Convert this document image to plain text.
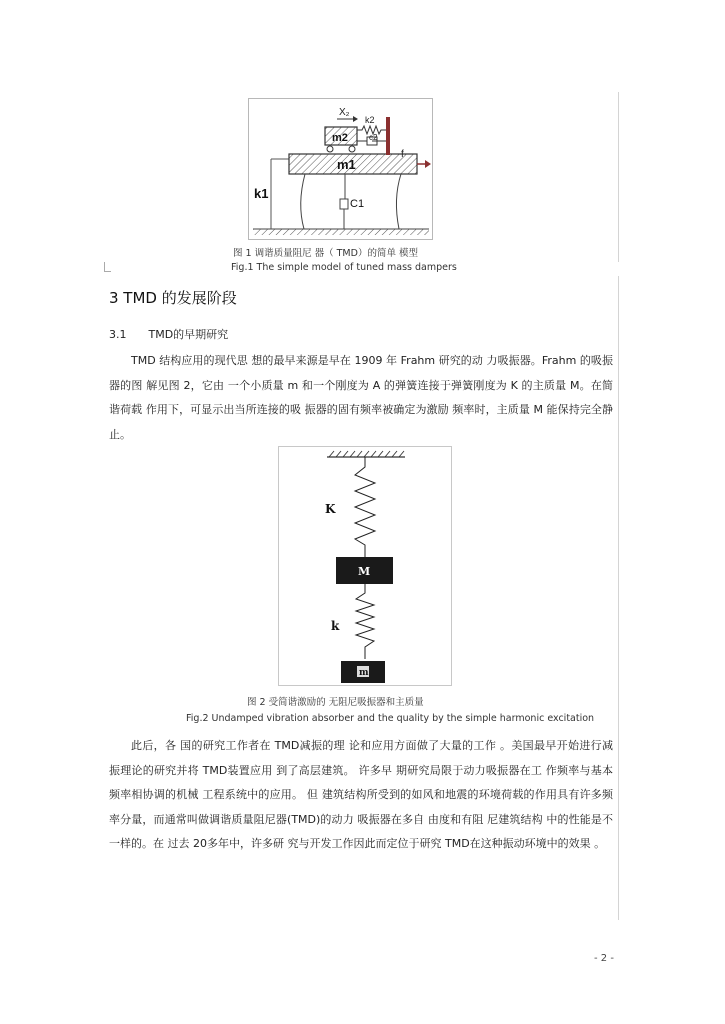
X₂
k2
c2
m2
m1
f
k1
C1
图 1 调谐质量阻尼 器（ TMD）的简单 模型
Fig.1 The simple model of tuned mass dampers
3 TMD 的发展阶段
3.1 TMD的早期研究

TMD 结构应用的现代思 想的最早来源是早在 1909 年 Frahm 研究的动 力吸振器。Frahm 的吸振器的图 解见图 2，它由 一个小质量 m 和一个刚度为 A 的弹簧连接于弹簧刚度为 K 的主质量 M。在简谐荷载 作用下，可显示出当所连接的吸 振器的固有频率被确定为激励 频率时，主质量 M 能保持完全静止。

K
M
k
m
图 2 受简谐激励的 无阻尼吸振器和主质量
Fig.2 Undamped vibration absorber and the quality by the simple harmonic excitation

此后，各 国的研究工作者在 TMD减振的理 论和应用方面做了大量的工作 。美国最早开始进行减 振理论的研究并将 TMD装置应用 到了高层建筑。 许多早 期研究局限于动力吸振器在工 作频率与基本频率相协调的机械 工程系统中的应用。 但 建筑结构所受到的如风和地震的环境荷载的作用具有许多频率分量，而通常叫做调谐质量阻尼器(TMD)的动力 吸振器在多自 由度和有阻 尼建筑结构 中的性能是不 一样的。在 过去 20多年中，许多研 究与开发工作因此而定位于研究 TMD在这种振动环境中的效果 。

- 2 -
